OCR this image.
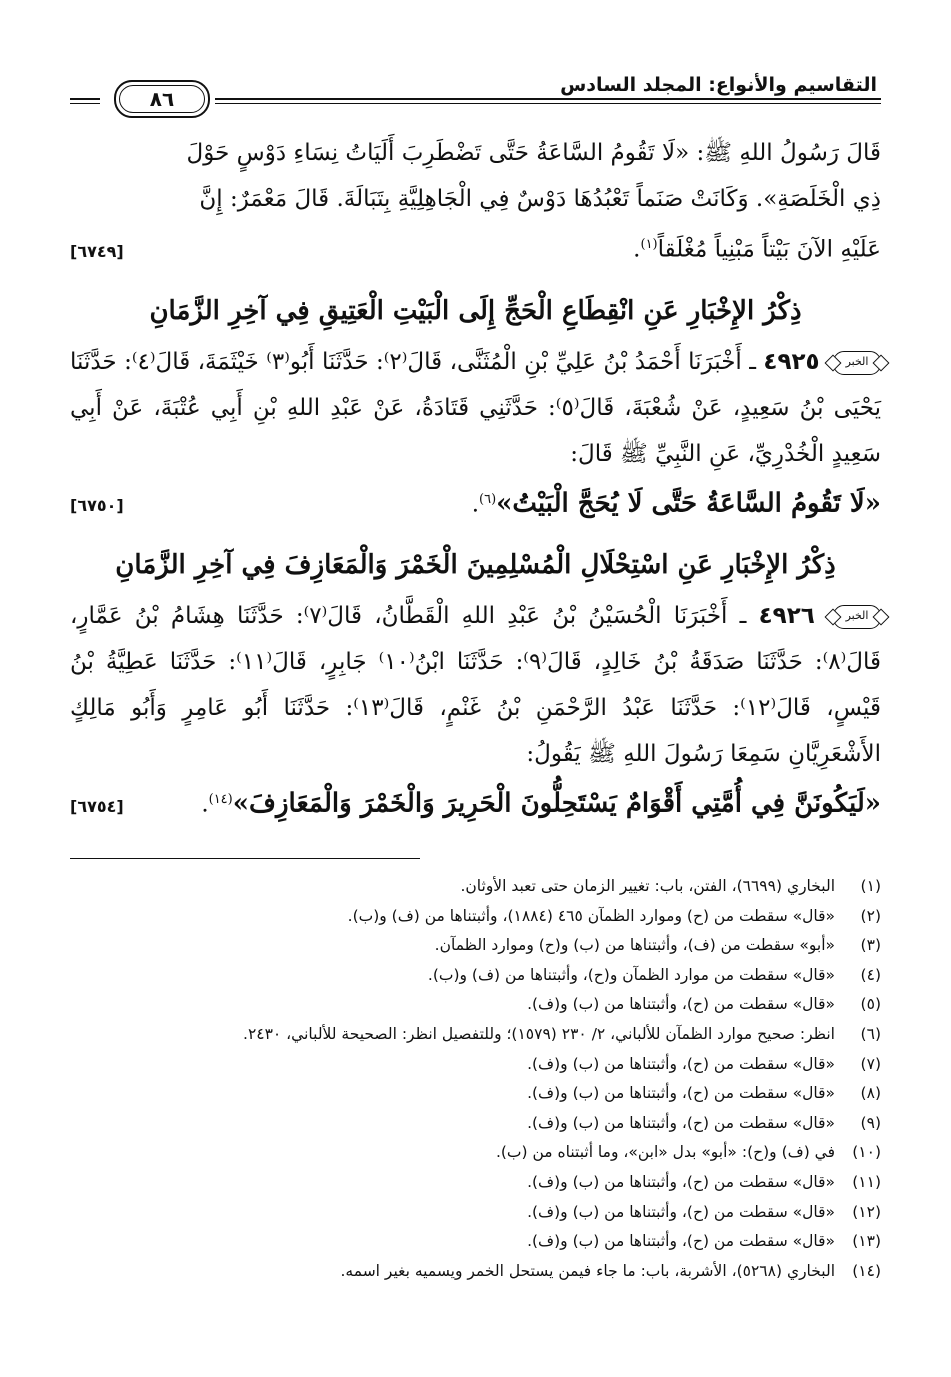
التقاسيم والأنواع: المجلد السادس
٨٦

قَالَ رَسُولُ اللهِ ﷺ: «لَا تَقُومُ السَّاعَةُ حَتَّى تَضْطَرِبَ أَلَيَاتُ نِسَاءِ دَوْسٍ حَوْلَ

ذِي الْخَلَصَةِ». وَكَانَتْ صَنَماً تَعْبُدُهَا دَوْسٌ فِي الْجَاهِلِيَّةِ بِتَبَالَةَ. قَالَ مَعْمَرٌ: إِنَّ

عَلَيْهِ الآنَ بَيْتاً مَبْنِياً مُغْلَقاً$^{(١)}$.
[٦٧٤٩]
ذِكْرُ الإِخْبَارِ عَنِ انْقِطَاعِ الْحَجِّ إِلَى الْبَيْتِ الْعَتِيقِ فِي آخِرِ الزَّمَانِ

الخبر ٤٩٢٥ ـ أَخْبَرَنَا أَحْمَدُ بْنُ عَلِيِّ بْنِ الْمُثَنَّى، قَالَ⁽٢⁾: حَدَّثَنَا أَبُو⁽٣⁾ خَيْثَمَةَ، قَالَ⁽٤⁾: حَدَّثَنَا يَحْيَى بْنُ سَعِيدٍ، عَنْ شُعْبَةَ، قَالَ⁽٥⁾: حَدَّثَنِي قَتَادَةُ، عَنْ عَبْدِ اللهِ بْنِ أَبِي عُتْبَةَ، عَنْ أَبِي سَعِيدٍ الْخُدْرِيِّ، عَنِ النَّبِيِّ ﷺ قَالَ:

«لَا تَقُومُ السَّاعَةُ حَتَّى لَا يُحَجَّ الْبَيْتُ»$^{(٦)}$.
[٦٧٥٠]
ذِكْرُ الإِخْبَارِ عَنِ اسْتِحْلَالِ الْمُسْلِمِينَ الْخَمْرَ وَالْمَعَازِفَ فِي آخِرِ الزَّمَانِ

الخبر ٤٩٢٦ ـ أَخْبَرَنَا الْحُسَيْنُ بْنُ عَبْدِ اللهِ الْقَطَّانُ، قَالَ⁽٧⁾: حَدَّثَنَا هِشَامُ بْنُ عَمَّارٍ، قَالَ⁽٨⁾: حَدَّثَنَا صَدَقَةُ بْنُ خَالِدٍ، قَالَ⁽٩⁾: حَدَّثَنَا ابْنُ⁽١٠⁾ جَابِرٍ، قَالَ⁽١١⁾: حَدَّثَنَا عَطِيَّةُ بْنُ قَيْسٍ، قَالَ⁽١٢⁾: حَدَّثَنَا عَبْدُ الرَّحْمَنِ بْنُ غَنْمٍ، قَالَ⁽١٣⁾: حَدَّثَنَا أَبُو عَامِرٍ وَأَبُو مَالِكٍ الأَشْعَرِيَّانِ سَمِعَا رَسُولَ اللهِ ﷺ يَقُولُ:

«لَيَكُونَنَّ فِي أُمَّتِي أَقْوَامٌ يَسْتَحِلُّونَ الْحَرِيرَ وَالْخَمْرَ وَالْمَعَازِفَ»$^{(١٤)}$.
[٦٧٥٤]
(١)
البخاري (٦٦٩٩)، الفتن، باب: تغيير الزمان حتى تعبد الأوثان.
(٢)
«قال» سقطت من (ح) وموارد الظمآن ٤٦٥ (١٨٨٤)، وأثبتناها من (ف) و(ب).
(٣)
«أبو» سقطت من (ف)، وأثبتناها من (ب) و(ح) وموارد الظمآن.
(٤)
«قال» سقطت من موارد الظمآن و(ح)، وأثبتناها من (ف) و(ب).
(٥)
«قال» سقطت من (ح)، وأثبتناها من (ب) و(ف).
(٦)
انظر: صحيح موارد الظمآن للألباني، ٢/ ٢٣٠ (١٥٧٩)؛ وللتفصيل انظر: الصحيحة للألباني، ٢٤٣٠.
(٧)
«قال» سقطت من (ح)، وأثبتناها من (ب) و(ف).
(٨)
«قال» سقطت من (ح)، وأثبتناها من (ب) و(ف).
(٩)
«قال» سقطت من (ح)، وأثبتناها من (ب) و(ف).
(١٠)
في (ف) و(ح): «أبو» بدل «ابن»، وما أثبتناه من (ب).
(١١)
«قال» سقطت من (ح)، وأثبتناها من (ب) و(ف).
(١٢)
«قال» سقطت من (ح)، وأثبتناها من (ب) و(ف).
(١٣)
«قال» سقطت من (ح)، وأثبتناها من (ب) و(ف).
(١٤)
البخاري (٥٢٦٨)، الأشربة، باب: ما جاء فيمن يستحل الخمر ويسميه بغير اسمه.
